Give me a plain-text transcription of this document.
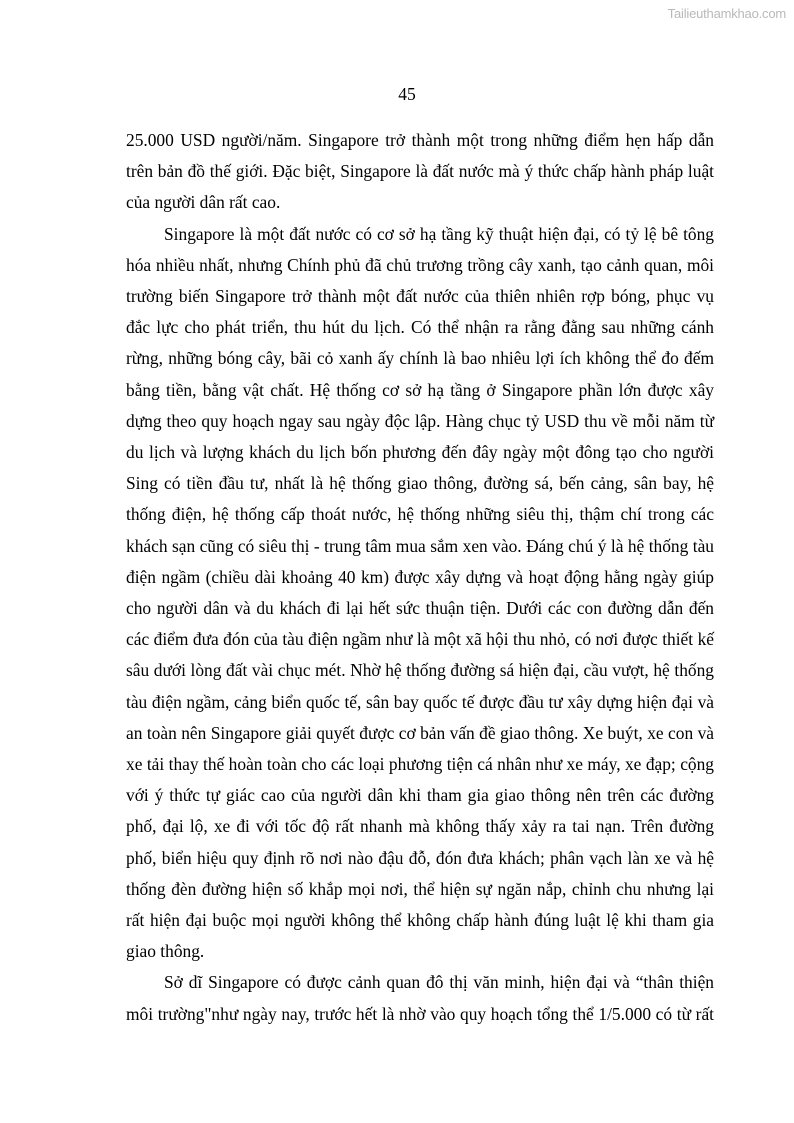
Tailieuthamkhao.com
45
25.000 USD người/năm. Singapore trở thành một trong những điểm hẹn hấp dẫn
trên bản đồ thế giới. Đặc biệt, Singapore là đất nước mà ý thức chấp hành pháp luật
của người dân rất cao.
Singapore là một đất nước có cơ sở hạ tầng kỹ thuật hiện đại, có tỷ lệ bê tông
hóa nhiều nhất, nhưng Chính phủ đã chủ trương trồng cây xanh, tạo cảnh quan, môi
trường biến Singapore trở thành một đất nước của thiên nhiên rợp bóng, phục vụ
đắc lực cho phát triển, thu hút du lịch. Có thể nhận ra rằng đằng sau những cánh
rừng, những bóng cây, bãi cỏ xanh ấy chính là bao nhiêu lợi ích không thể đo đếm
bằng tiền, bằng vật chất. Hệ thống cơ sở hạ tầng ở Singapore phần lớn được xây
dựng theo quy hoạch ngay sau ngày độc lập. Hàng chục tỷ USD thu về mỗi năm từ
du lịch và lượng khách du lịch bốn phương đến đây ngày một đông tạo cho người
Sing có tiền đầu tư, nhất là hệ thống giao thông, đường sá, bến cảng, sân bay, hệ
thống điện, hệ thống cấp thoát nước, hệ thống những siêu thị, thậm chí trong các
khách sạn cũng có siêu thị - trung tâm mua sắm xen vào. Đáng chú ý là hệ thống tàu
điện ngầm (chiều dài khoảng 40 km) được xây dựng và hoạt động hằng ngày giúp
cho người dân và du khách đi lại hết sức thuận tiện. Dưới các con đường dẫn đến
các điểm đưa đón của tàu điện ngầm như là một xã hội thu nhỏ, có nơi được thiết kế
sâu dưới lòng đất vài chục mét. Nhờ hệ thống đường sá hiện đại, cầu vượt, hệ thống
tàu điện ngầm, cảng biển quốc tế, sân bay quốc tế được đầu tư xây dựng hiện đại và
an toàn nên Singapore giải quyết được cơ bản vấn đề giao thông. Xe buýt, xe con và
xe tải thay thế hoàn toàn cho các loại phương tiện cá nhân như xe máy, xe đạp; cộng
với ý thức tự giác cao của người dân khi tham gia giao thông nên trên các đường
phố, đại lộ, xe đi với tốc độ rất nhanh mà không thấy xảy ra tai nạn. Trên đường
phố, biển hiệu quy định rõ nơi nào đậu đỗ, đón đưa khách; phân vạch làn xe và hệ
thống đèn đường hiện số khắp mọi nơi, thể hiện sự ngăn nắp, chỉnh chu nhưng lại
rất hiện đại buộc mọi người không thể không chấp hành đúng luật lệ khi tham gia
giao thông.
Sở dĩ Singapore có được cảnh quan đô thị văn minh, hiện đại và “thân thiện
môi trường"như ngày nay, trước hết là nhờ vào quy hoạch tổng thể 1/5.000 có từ rất
